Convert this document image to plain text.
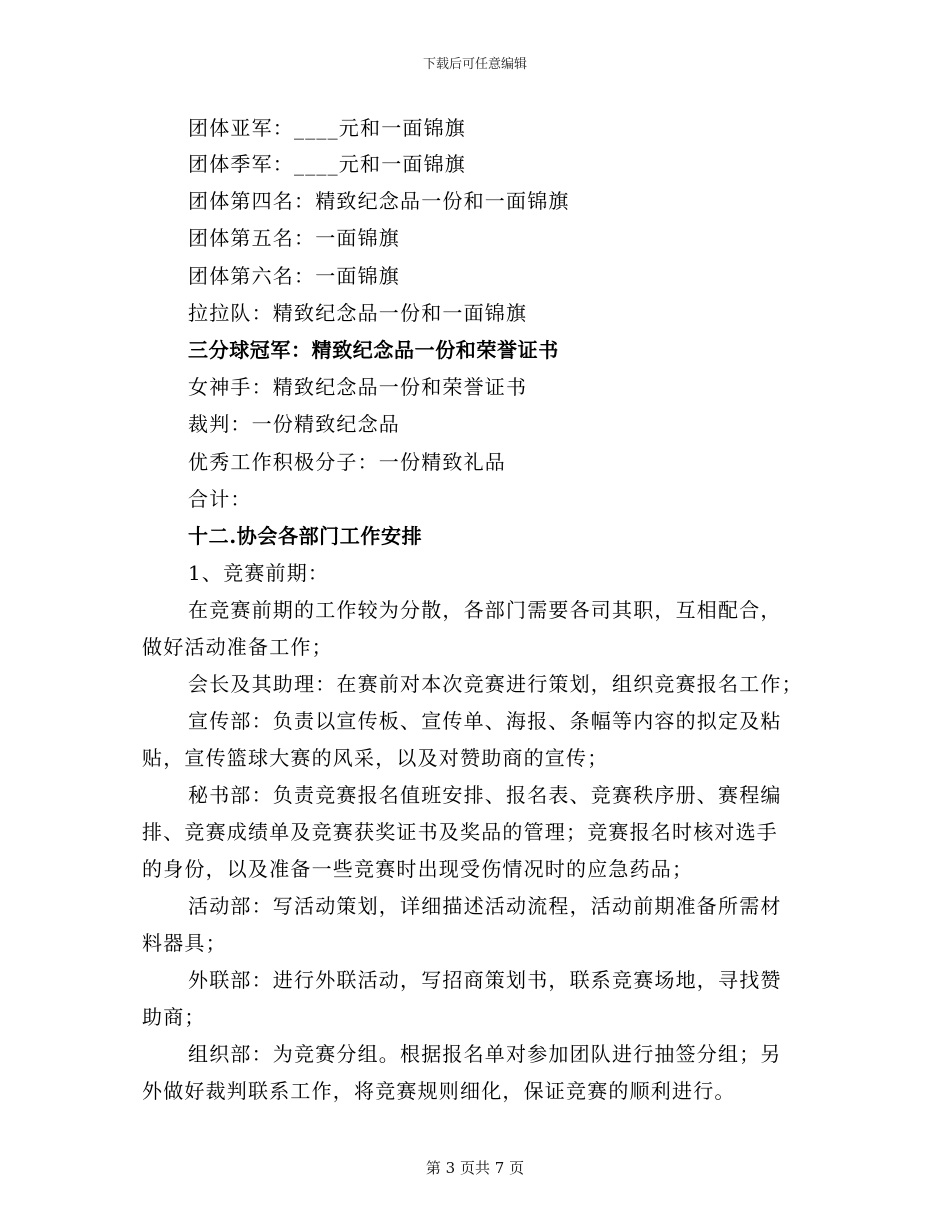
下载后可任意编辑
团体亚军：____元和一面锦旗
团体季军：____元和一面锦旗
团体第四名：精致纪念品一份和一面锦旗
团体第五名：一面锦旗
团体第六名：一面锦旗
拉拉队：精致纪念品一份和一面锦旗
三分球冠军：精致纪念品一份和荣誉证书
女神手：精致纪念品一份和荣誉证书
裁判：一份精致纪念品
优秀工作积极分子：一份精致礼品
合计：
十二.协会各部门工作安排
1、竞赛前期：
在竞赛前期的工作较为分散，各部门需要各司其职，互相配合，
做好活动准备工作；
会长及其助理：在赛前对本次竞赛进行策划，组织竞赛报名工作；
宣传部：负责以宣传板、宣传单、海报、条幅等内容的拟定及粘
贴，宣传篮球大赛的风采，以及对赞助商的宣传；
秘书部：负责竞赛报名值班安排、报名表、竞赛秩序册、赛程编
排、竞赛成绩单及竞赛获奖证书及奖品的管理；竞赛报名时核对选手
的身份，以及准备一些竞赛时出现受伤情况时的应急药品；
活动部：写活动策划，详细描述活动流程，活动前期准备所需材
料器具；
外联部：进行外联活动，写招商策划书，联系竞赛场地，寻找赞
助商；
组织部：为竞赛分组。根据报名单对参加团队进行抽签分组；另
外做好裁判联系工作，将竞赛规则细化，保证竞赛的顺利进行。
第 3 页共 7 页
